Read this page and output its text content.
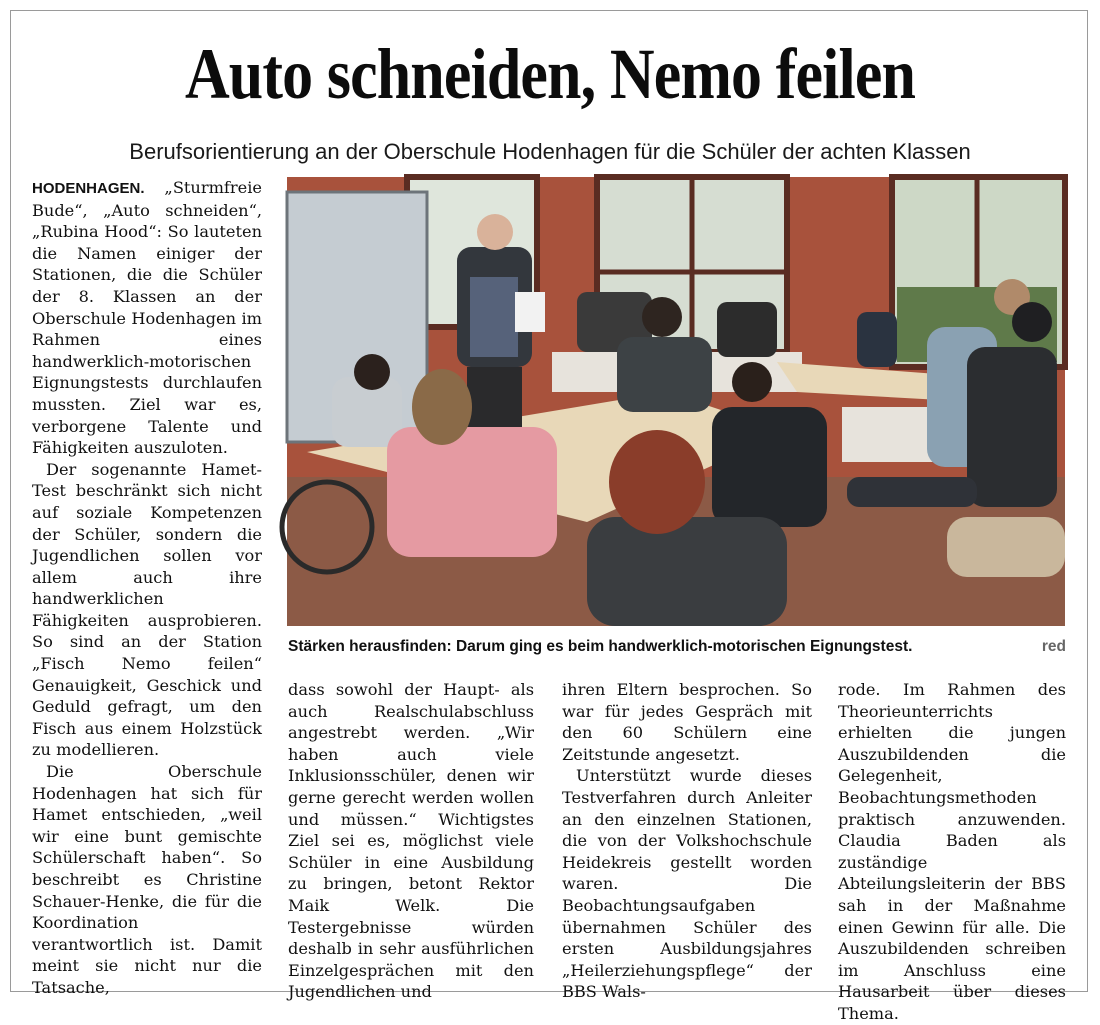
Auto schneiden, Nemo feilen
Berufsorientierung an der Oberschule Hodenhagen für die Schüler der achten Klassen

HODENHAGEN. „Sturmfreie Bude“, „Auto schneiden“, „Rubina Hood“: So lauteten die Namen einiger der Stationen, die die Schüler der 8. Klassen an der Oberschule Hodenhagen im Rahmen eines handwerklich-motorischen Eignungstests durchlaufen mussten. Ziel war es, verborgene Talente und Fähigkeiten auszuloten.

Der sogenannte Hamet-Test beschränkt sich nicht auf soziale Kompetenzen der Schüler, sondern die Jugendlichen sollen vor allem auch ihre handwerklichen Fähigkeiten ausprobieren. So sind an der Station „Fisch Nemo feilen“ Genauigkeit, Geschick und Geduld gefragt, um den Fisch aus einem Holzstück zu modellieren.

Die Oberschule Hodenhagen hat sich für Hamet entschieden, „weil wir eine bunt gemischte Schülerschaft haben“. So beschreibt es Christine Schauer-Henke, die für die Koordination verantwortlich ist. Damit meint sie nicht nur die Tatsache,

Stärken herausfinden: Darum ging es beim handwerklich-motorischen Eignungstest.	red

dass sowohl der Haupt- als auch Realschulabschluss angestrebt werden. „Wir haben auch viele Inklusionsschüler, denen wir gerne gerecht werden wollen und müssen.“ Wichtigstes Ziel sei es, möglichst viele Schüler in eine Ausbildung zu bringen, betont Rektor Maik Welk. Die Testergebnisse würden deshalb in sehr ausführlichen Einzelgesprächen mit den Jugendlichen und

ihren Eltern besprochen. So war für jedes Gespräch mit den 60 Schülern eine Zeitstunde angesetzt.

Unterstützt wurde dieses Testverfahren durch Anleiter an den einzelnen Stationen, die von der Volkshochschule Heidekreis gestellt worden waren. Die Beobachtungsaufgaben übernahmen Schüler des ersten Ausbildungsjahres „Heilerziehungspflege“ der BBS Wals-

rode. Im Rahmen des Theorieunterrichts erhielten die jungen Auszubildenden die Gelegenheit, Beobachtungsmethoden praktisch anzuwenden. Claudia Baden als zuständige Abteilungsleiterin der BBS sah in der Maßnahme einen Gewinn für alle. Die Auszubildenden schreiben im Anschluss eine Hausarbeit über dieses Thema.
